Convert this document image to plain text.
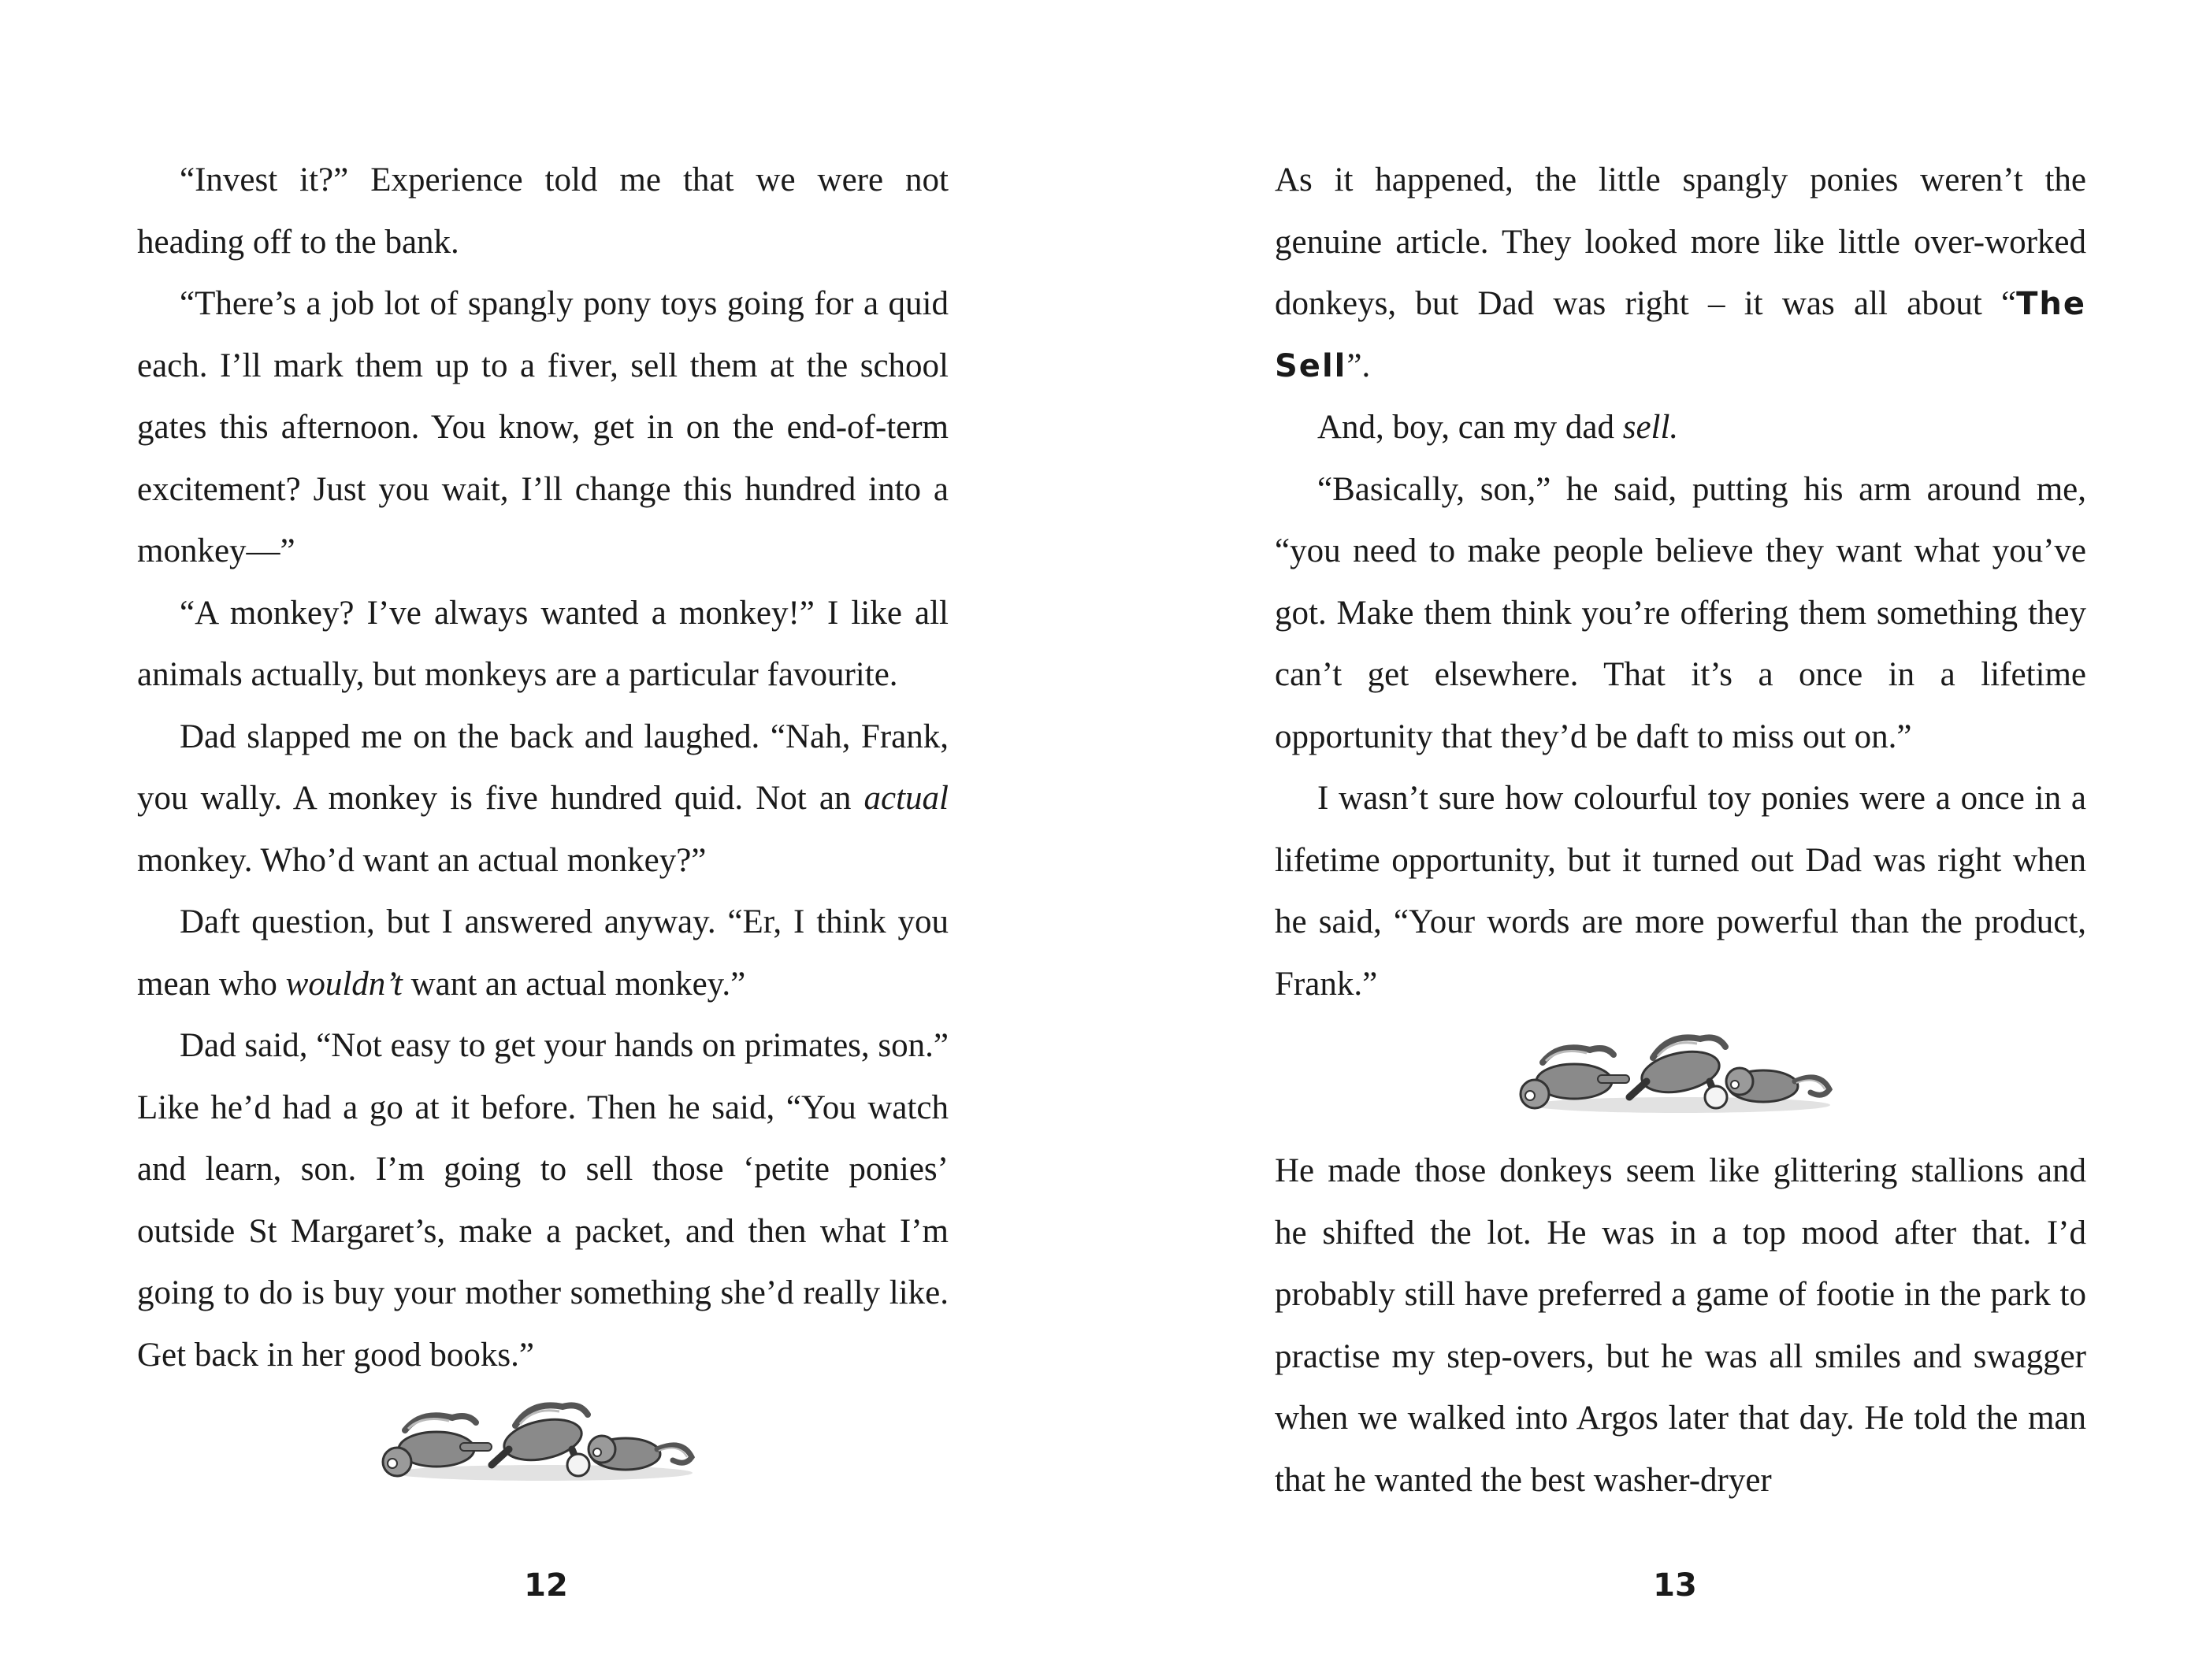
“Invest it?” Experience told me that we were not heading off to the bank.

“There’s a job lot of spangly pony toys going for a quid each. I’ll mark them up to a fiver, sell them at the school gates this afternoon. You know, get in on the end-of-term excitement? Just you wait, I’ll change this hundred into a monkey—”

“A monkey? I’ve always wanted a monkey!” I like all animals actually, but monkeys are a particular favourite.

Dad slapped me on the back and laughed. “Nah, Frank, you wally. A monkey is five hundred quid. Not an actual monkey. Who’d want an actual monkey?”

Daft question, but I answered anyway. “Er, I think you mean who wouldn’t want an actual monkey.”

Dad said, “Not easy to get your hands on primates, son.” Like he’d had a go at it before. Then he said, “You watch and learn, son. I’m going to sell those ‘petite ponies’ outside St Margaret’s, make a packet, and then what I’m going to do is buy your mother something she’d really like. Get back in her good books.”

12

As it happened, the little spangly ponies weren’t the genuine article. They looked more like little over-worked donkeys, but Dad was right – it was all about “The Sell”.

And, boy, can my dad sell.

“Basically, son,” he said, putting his arm around me, “you need to make people believe they want what you’ve got. Make them think you’re offering them something they can’t get elsewhere. That it’s a once in a lifetime opportunity that they’d be daft to miss out on.”

I wasn’t sure how colourful toy ponies were a once in a lifetime opportunity, but it turned out Dad was right when he said, “Your words are more powerful than the product, Frank.”

He made those donkeys seem like glittering stallions and he shifted the lot. He was in a top mood after that. I’d probably still have preferred a game of footie in the park to practise my step-overs, but he was all smiles and swagger when we walked into Argos later that day. He told the man that he wanted the best washer-dryer

13
